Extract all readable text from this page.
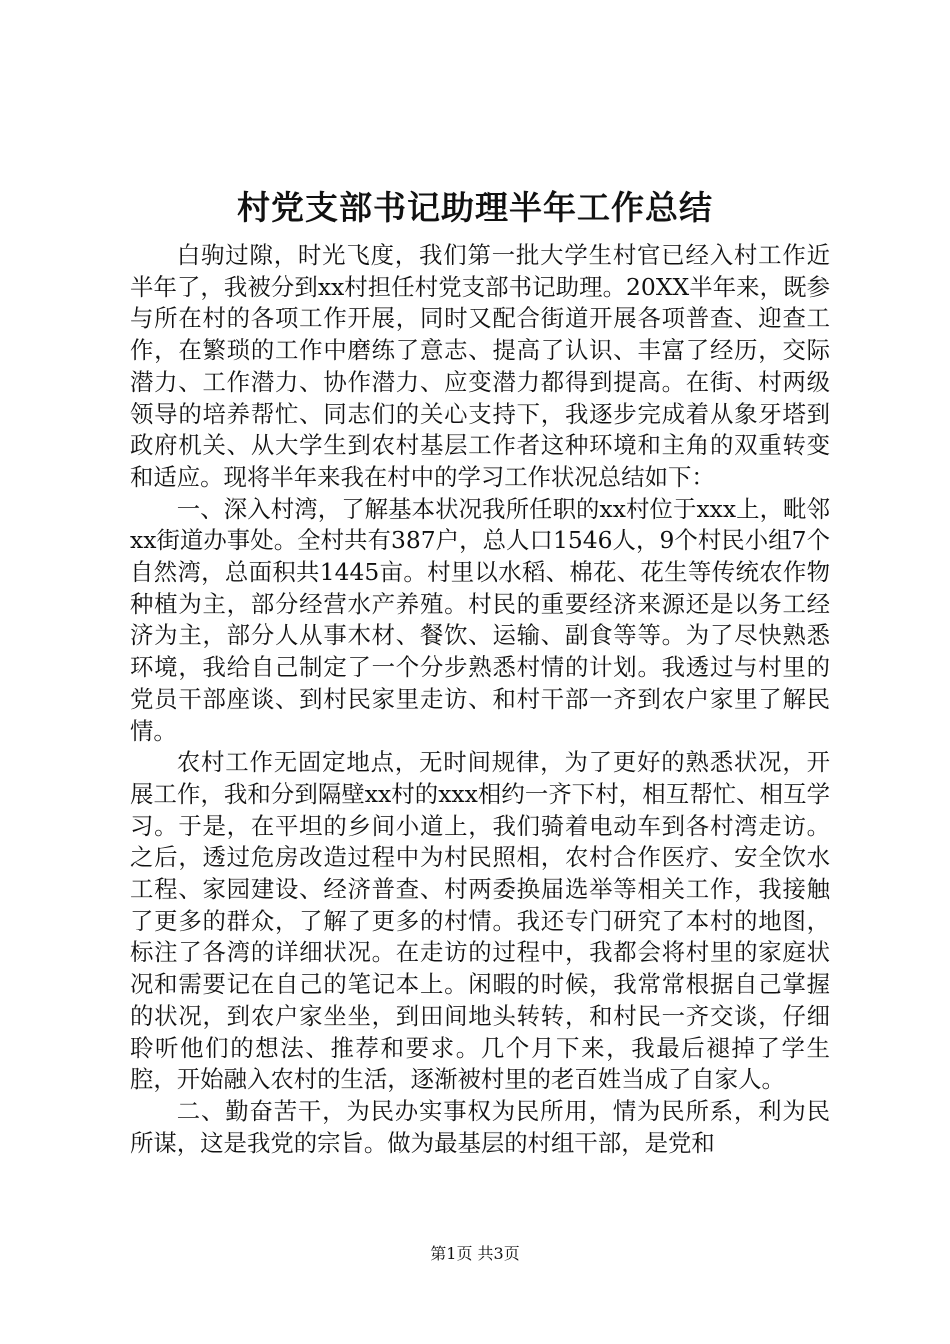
村党支部书记助理半年工作总结

白驹过隙，时光飞度，我们第一批大学生村官已经入村工作近半年了，我被分到xx村担任村党支部书记助理。20XX半年来，既参与所在村的各项工作开展，同时又配合街道开展各项普查、迎查工作，在繁琐的工作中磨练了意志、提高了认识、丰富了经历，交际潜力、工作潜力、协作潜力、应变潜力都得到提高。在街、村两级领导的培养帮忙、同志们的关心支持下，我逐步完成着从象牙塔到政府机关、从大学生到农村基层工作者这种环境和主角的双重转变和适应。现将半年来我在村中的学习工作状况总结如下：

一、深入村湾，了解基本状况我所任职的xx村位于xxx上，毗邻xx街道办事处。全村共有387户，总人口1546人，9个村民小组7个自然湾，总面积共1445亩。村里以水稻、棉花、花生等传统农作物种植为主，部分经营水产养殖。村民的重要经济来源还是以务工经济为主，部分人从事木材、餐饮、运输、副食等等。为了尽快熟悉环境，我给自己制定了一个分步熟悉村情的计划。我透过与村里的党员干部座谈、到村民家里走访、和村干部一齐到农户家里了解民情。

农村工作无固定地点，无时间规律，为了更好的熟悉状况，开展工作，我和分到隔壁xx村的xxx相约一齐下村，相互帮忙、相互学习。于是，在平坦的乡间小道上，我们骑着电动车到各村湾走访。之后，透过危房改造过程中为村民照相，农村合作医疗、安全饮水工程、家园建设、经济普查、村两委换届选举等相关工作，我接触了更多的群众，了解了更多的村情。我还专门研究了本村的地图，标注了各湾的详细状况。在走访的过程中，我都会将村里的家庭状况和需要记在自己的笔记本上。闲暇的时候，我常常根据自己掌握的状况，到农户家坐坐，到田间地头转转，和村民一齐交谈，仔细聆听他们的想法、推荐和要求。几个月下来，我最后褪掉了学生腔，开始融入农村的生活，逐渐被村里的老百姓当成了自家人。

二、勤奋苦干，为民办实事权为民所用，情为民所系，利为民所谋，这是我党的宗旨。做为最基层的村组干部，是党和

第1页 共3页
